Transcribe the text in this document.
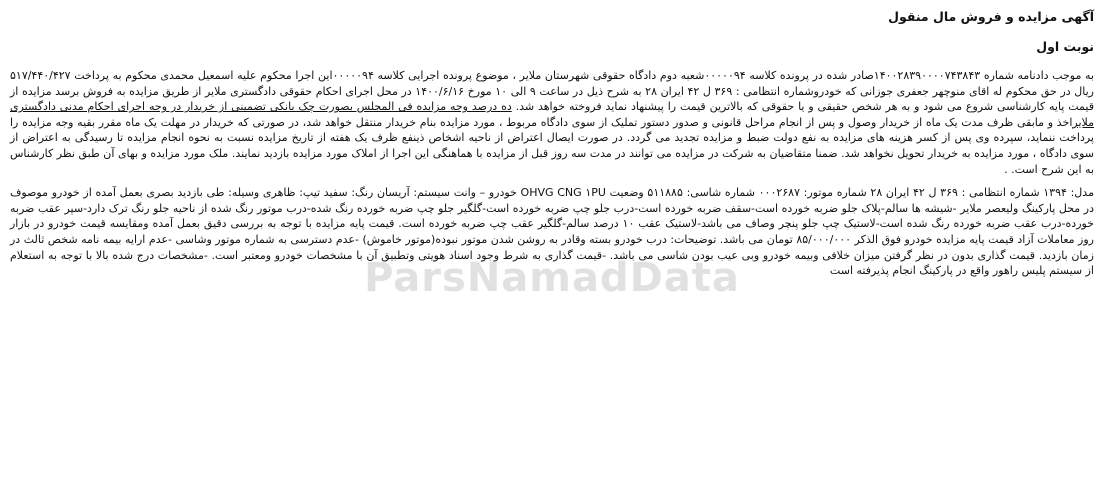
آگهی مزایده و فروش مال منقول
نوبت اول
به موجب دادنامه شماره ۱۴۰۰۲۸۳۹۰۰۰۰۷۴۳۸۴۳صادر شده در پرونده کلاسه ۰۰۰۰۰۹۴شعبه دوم دادگاه حقوقی شهرستان ملایر ، موضوع پرونده اجرایی کلاسه ۰۰۰۰۰۹۴این اجرا محکوم علیه اسمعیل محمدی محکوم به پرداخت ۵۱۷/۴۴۰/۴۲۷ ریال در حق محکوم له اقای منوچهر جعفری جوزانی که خودروشماره انتظامی : ۳۶۹ ل ۴۲ ایران ۲۸ به شرح ذیل در ساعت ۹ الی ۱۰ مورخ ۱۴۰۰/۶/۱۶ در محل اجرای احکام حقوقی دادگستری ملایر از طریق مزایده به فروش برسد مزایده از قیمت پایه کارشناسی شروع می شود و به هر شخص حقیقی و یا حقوقی که بالاترین قیمت را پیشنهاد نماید فروخته خواهد شد. ده درصد وجه مزایده فی المجلس بصورت چک بانکی تضمینی از خریدار در وجه اجرای احکام مدنی دادگستری ملایراخذ و مابقی ظرف مدت یک ماه از خریدار وصول و پس از انجام مراحل قانونی و صدور دستور تملیک از سوی دادگاه مربوط ، مورد مزایده بنام خریدار منتقل خواهد شد، در صورتی که خریدار در مهلت یک ماه مقرر بقیه وجه مزایده را پرداخت ننماید، سپرده وی پس از کسر هزینه های مزایده به نفع دولت ضبط و مزایده تجدید می گردد. در صورت ایصال اعتراض از ناحیه اشخاص ذینفع ظرف یک هفته از تاریخ مزایده نسبت به نحوه انجام مزایده تا رسیدگی به اعتراض از سوی دادگاه ، مورد مزایده به خریدار تحویل نخواهد شد. ضمنا متقاضیان به شرکت در مزایده می توانند در مدت سه روز قبل از مزایده با هماهنگی این اجرا از املاک مورد مزایده بازدید نمایند. ملک مورد مزایده و بهای آن طبق نظر کارشناس به این شرح است. .
مدل: ۱۳۹۴ شماره انتظامی : ۳۶۹ ل ۴۲ ایران ۲۸ شماره موتور: ۰۰۰۲۶۸۷ شماره شاسی: ۵۱۱۸۸۵ وضعیت OHVG CNG ۱PU خودرو – وانت سیستم: آریسان رنگ: سفید تیپ: ظاهری وسیله: طی بازدید بصری بعمل آمده از خودرو موصوف در محل پارکینگ ولیعصر ملایر -شیشه ها سالم-پلاک جلو ضربه خورده است-سقف ضربه خورده است-درب جلو چپ ضربه خورده است-گلگیر جلو چپ ضربه خورده رنگ شده-درب موتور رنگ شده از ناحیه جلو رنگ ترک دارد-سپر عقب ضربه خورده-درب عقب ضربه خورده رنگ شده است-لاستیک چپ جلو پنچر وصاف می باشد-لاستیک عقب ۱۰ درصد سالم-گلگیر عقب چپ ضربه خورده است. قیمت پایه مزایده با توجه به بررسی دقیق بعمل آمده ومقایسه قیمت خودرو در بازار روز معاملات آزاد قیمت پایه مزایده خودرو فوق الذکر ۸۵/۰۰۰/۰۰۰ تومان می باشد. توضیحات: درب خودرو بسته وقادر به روشن شدن موتور نبوده(موتور خاموش) -عدم دسترسی به شماره موتور وشاسی -عدم ارایه بیمه نامه شخص ثالث در زمان بازدید. قیمت گذاری بدون در نظر گرفتن میزان خلافی وبیمه خودرو وبی عیب بودن شاسی می باشد. -قیمت گذاری به شرط وجود اسناد هویتی وتطبیق آن با مشخصات خودرو ومعتبر است. -مشخصات درج شده بالا با توجه به استعلام از سیستم پلیس راهور واقع در پارکینگ انجام پذیرفته است
ParsNamadData
